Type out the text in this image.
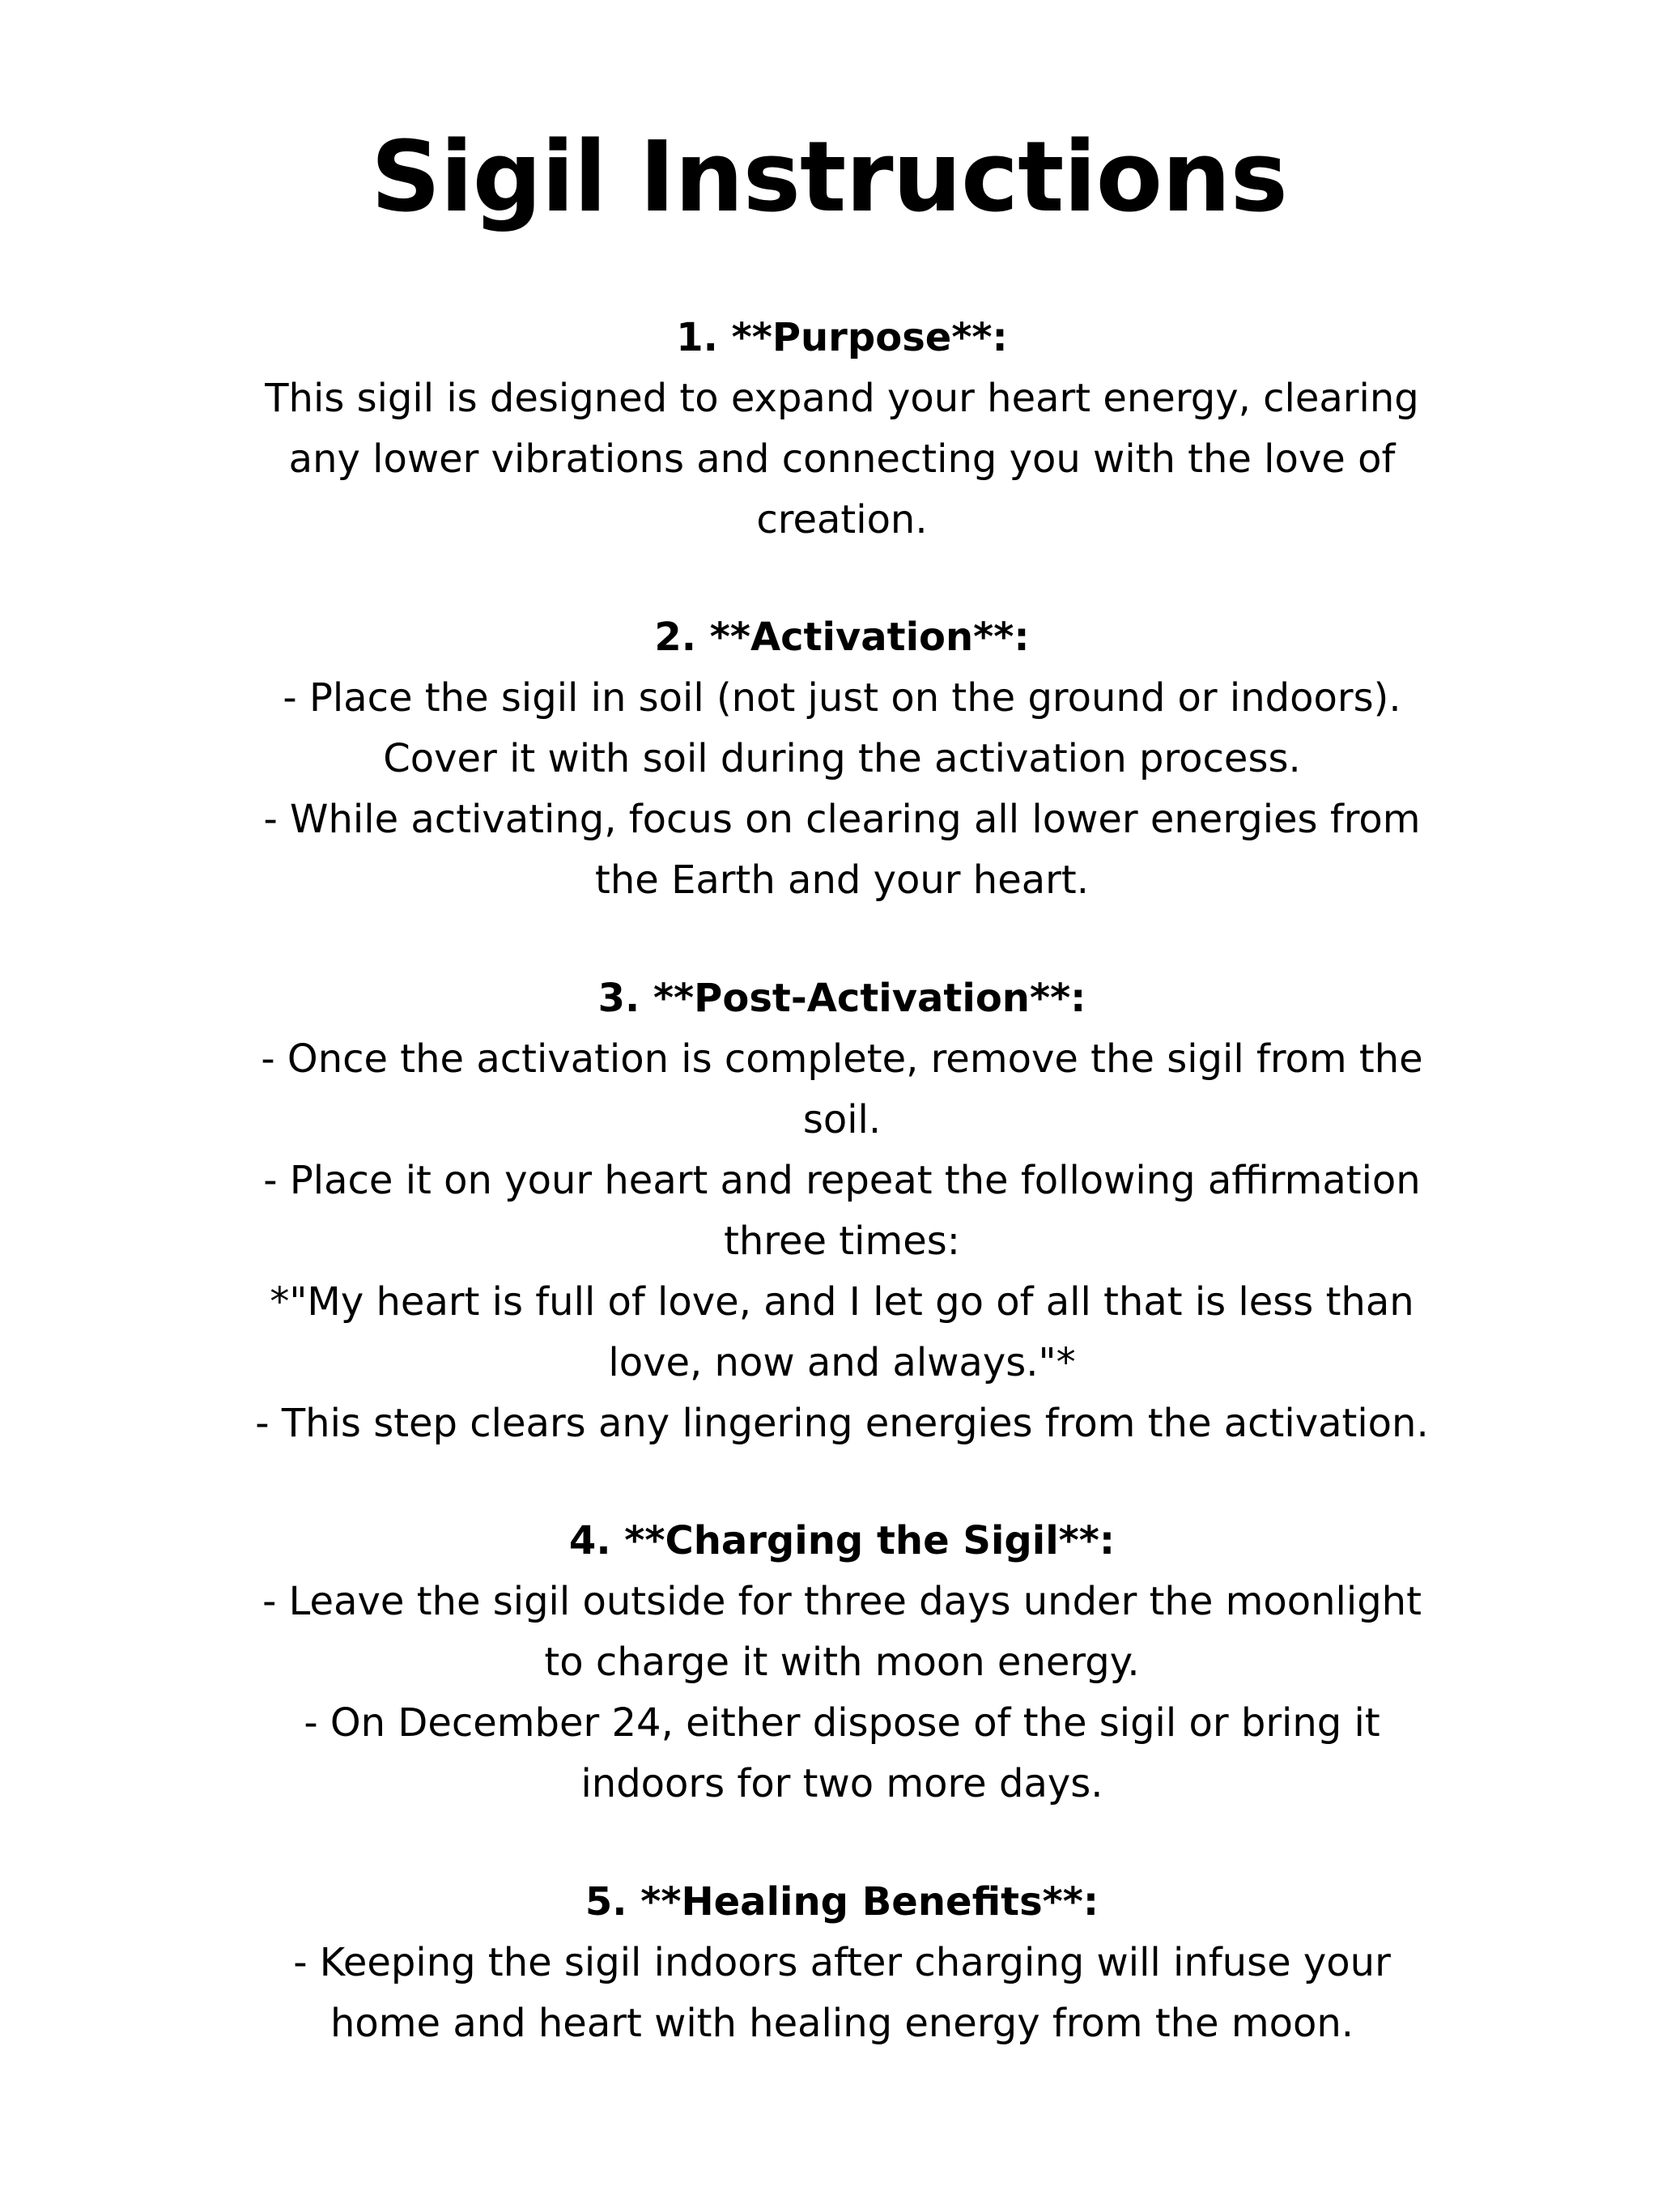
Sigil Instructions

1. **Purpose**:

This sigil is designed to expand your heart energy, clearing

any lower vibrations and connecting you with the love of

creation.

2. **Activation**:

- Place the sigil in soil (not just on the ground or indoors).

Cover it with soil during the activation process.

- While activating, focus on clearing all lower energies from

the Earth and your heart.

3. **Post-Activation**:

- Once the activation is complete, remove the sigil from the

soil.

- Place it on your heart and repeat the following affirmation

three times:

*"My heart is full of love, and I let go of all that is less than

love, now and always."*

- This step clears any lingering energies from the activation.

4. **Charging the Sigil**:

- Leave the sigil outside for three days under the moonlight

to charge it with moon energy.

- On December 24, either dispose of the sigil or bring it

indoors for two more days.

5. **Healing Benefits**:

- Keeping the sigil indoors after charging will infuse your

home and heart with healing energy from the moon.
